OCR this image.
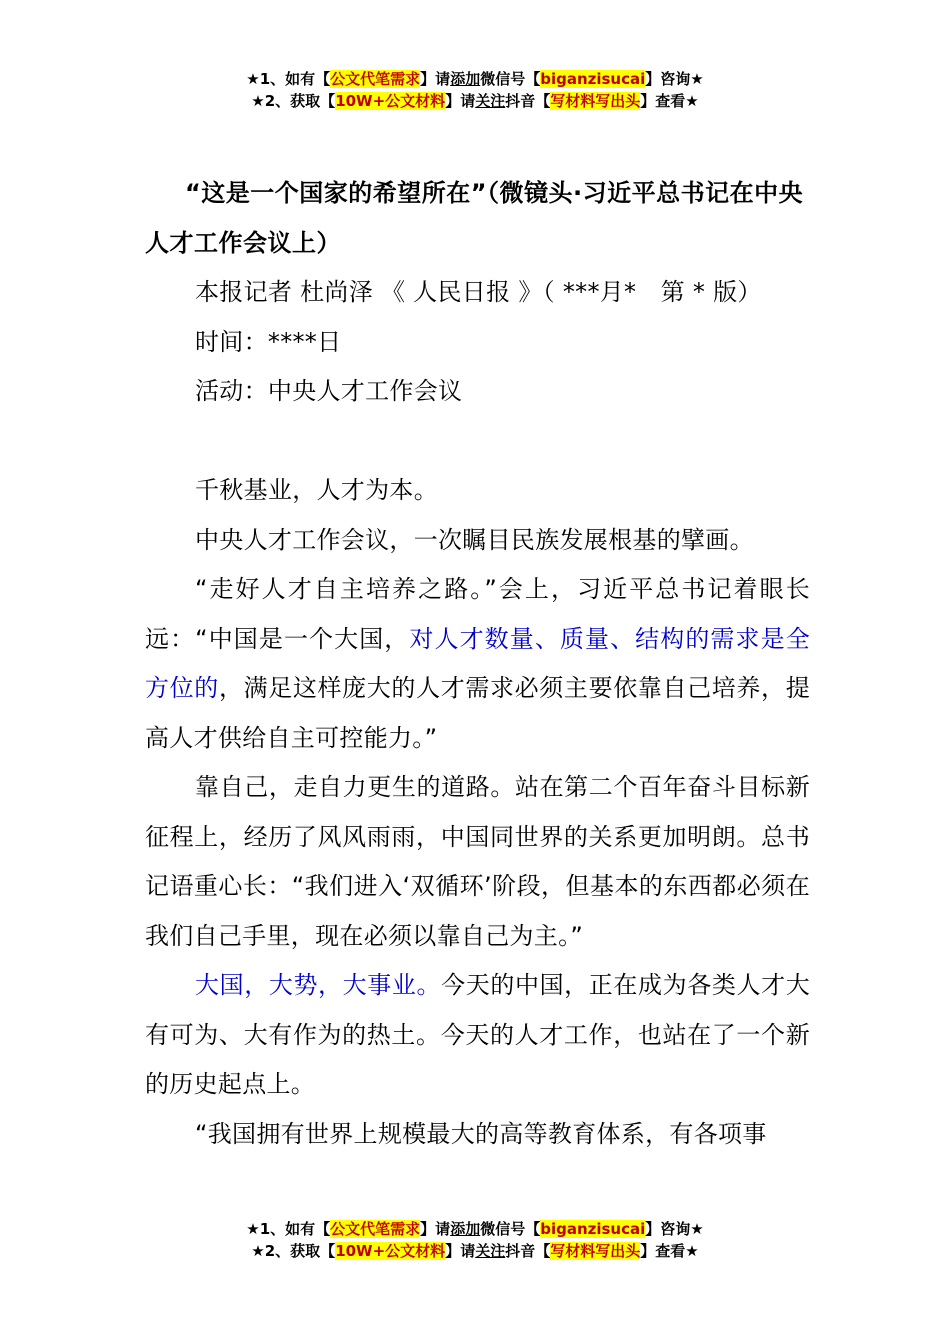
★1、如有【公文代笔需求】请添加微信号【biganzisucai】咨询★
★2、获取【10W+公文材料】请关注抖音【写材料写出头】查看★

“这是一个国家的希望所在”（微镜头·习近平总书记在中央人才工作会议上）

本报记者 杜尚泽 《 人民日报 》（ ***月*　第 * 版）

时间：****日

活动：中央人才工作会议

千秋基业，人才为本。

中央人才工作会议，一次瞩目民族发展根基的擘画。

“走好人才自主培养之路。”会上，习近平总书记着眼长远：“中国是一个大国，对人才数量、质量、结构的需求是全方位的，满足这样庞大的人才需求必须主要依靠自己培养，提高人才供给自主可控能力。”

靠自己，走自力更生的道路。站在第二个百年奋斗目标新征程上，经历了风风雨雨，中国同世界的关系更加明朗。总书记语重心长：“我们进入‘双循环’阶段，但基本的东西都必须在我们自己手里，现在必须以靠自己为主。”

大国，大势，大事业。今天的中国，正在成为各类人才大有可为、大有作为的热土。今天的人才工作，也站在了一个新的历史起点上。

“我国拥有世界上规模最大的高等教育体系，有各项事

★1、如有【公文代笔需求】请添加微信号【biganzisucai】咨询★
★2、获取【10W+公文材料】请关注抖音【写材料写出头】查看★
